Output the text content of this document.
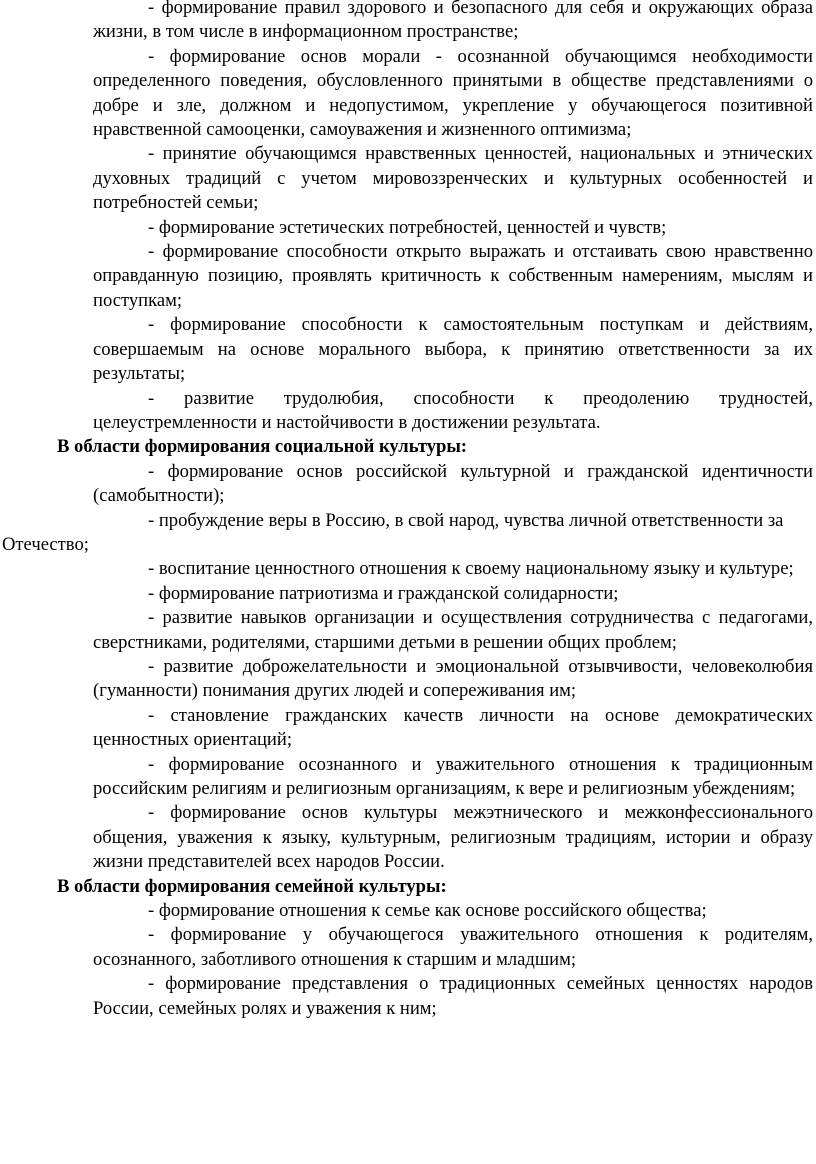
- формирование правил здорового и безопасного для себя и окружающих образа жизни, в том числе в информационном пространстве;

- формирование основ морали - осознанной обучающимся необходимости определенного поведения, обусловленного принятыми в обществе представлениями о добре и зле, должном и недопустимом, укрепление у обучающегося позитивной нравственной самооценки, самоуважения и жизненного оптимизма;

- принятие обучающимся нравственных ценностей, национальных и этнических духовных традиций с учетом мировоззренческих и культурных особенностей и потребностей семьи;

- формирование эстетических потребностей, ценностей и чувств;

- формирование способности открыто выражать и отстаивать свою нравственно оправданную позицию, проявлять критичность к собственным намерениям, мыслям и поступкам;

- формирование способности к самостоятельным поступкам и действиям, совершаемым на основе морального выбора, к принятию ответственности за их результаты;

- развитие трудолюбия, способности к преодолению трудностей, целеустремленности и настойчивости в достижении результата.

В области формирования социальной культуры:

- формирование основ российской культурной и гражданской идентичности (самобытности);

- пробуждение веры в Россию, в свой народ, чувства личной ответственности за

Отечество;

- воспитание ценностного отношения к своему национальному языку и культуре;

- формирование патриотизма и гражданской солидарности;

- развитие навыков организации и осуществления сотрудничества с педагогами, сверстниками, родителями, старшими детьми в решении общих проблем;

- развитие доброжелательности и эмоциональной отзывчивости, человеколюбия (гуманности) понимания других людей и сопереживания им;

- становление гражданских качеств личности на основе демократических ценностных ориентаций;

- формирование осознанного и уважительного отношения к традиционным российским религиям и религиозным организациям, к вере и религиозным убеждениям;

- формирование основ культуры межэтнического и межконфессионального общения, уважения к языку, культурным, религиозным традициям, истории и образу жизни представителей всех народов России.

В области формирования семейной культуры:

- формирование отношения к семье как основе российского общества;

- формирование у обучающегося уважительного отношения к родителям, осознанного, заботливого отношения к старшим и младшим;

- формирование представления о традиционных семейных ценностях народов России, семейных ролях и уважения к ним;
